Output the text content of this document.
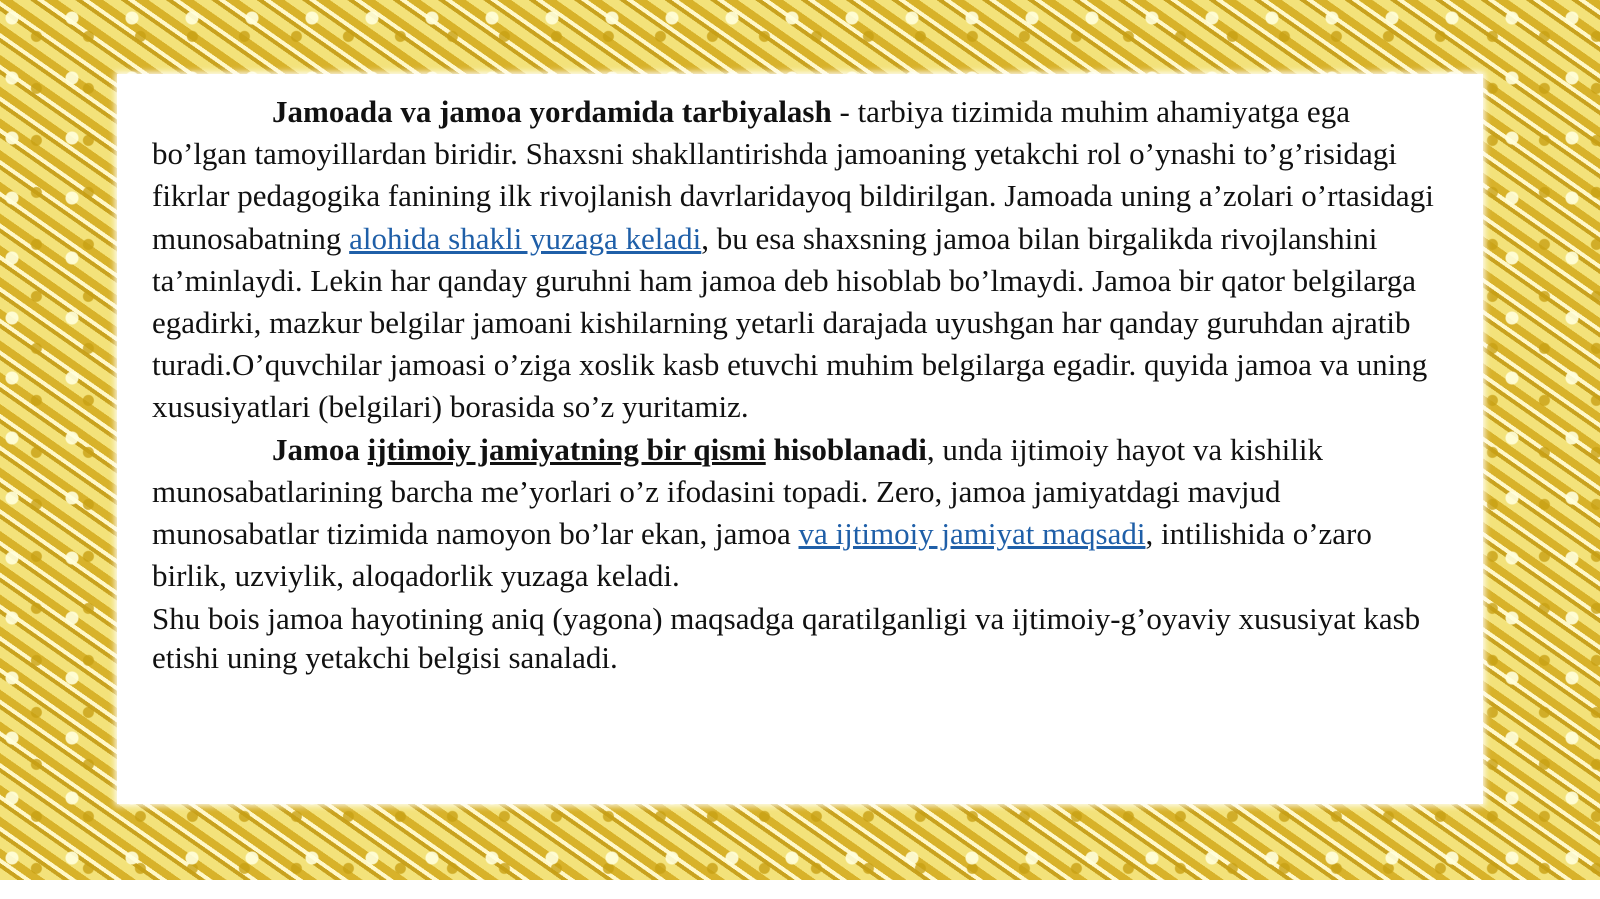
Jamoada va jamoa yordamida tarbiyalash - tarbiya tizimida muhim ahamiyatga ega bo’lgan tamoyillardan biridir. Shaxsni shakllantirishda jamoaning yetakchi rol o’ynashi to’g’risidagi fikrlar pedagogika fanining ilk rivojlanish davrlaridayoq bildirilgan. Jamoada uning a’zolari o’rtasidagi munosabatning alohida shakli yuzaga keladi, bu esa shaxsning jamoa bilan birgalikda rivojlanshini ta’minlaydi. Lekin har qanday guruhni ham jamoa deb hisoblab bo’lmaydi. Jamoa bir qator belgilarga egadirki, mazkur belgilar jamoani kishilarning yetarli darajada uyushgan har qanday guruhdan ajratib turadi.O’quvchilar jamoasi o’ziga xoslik kasb etuvchi muhim belgilarga egadir. quyida jamoa va uning xususiyatlari (belgilari) borasida so’z yuritamiz.

Jamoa ijtimoiy jamiyatning bir qismi hisoblanadi, unda ijtimoiy hayot va kishilik munosabatlarining barcha me’yorlari o’z ifodasini topadi. Zero, jamoa jamiyatdagi mavjud munosabatlar tizimida namoyon bo’lar ekan, jamoa va ijtimoiy jamiyat maqsadi, intilishida o’zaro birlik, uzviylik, aloqadorlik yuzaga keladi.

Shu bois jamoa hayotining aniq (yagona) maqsadga qaratilganligi va ijtimoiy-g’oyaviy xususiyat kasb etishi uning yetakchi belgisi sanaladi.
